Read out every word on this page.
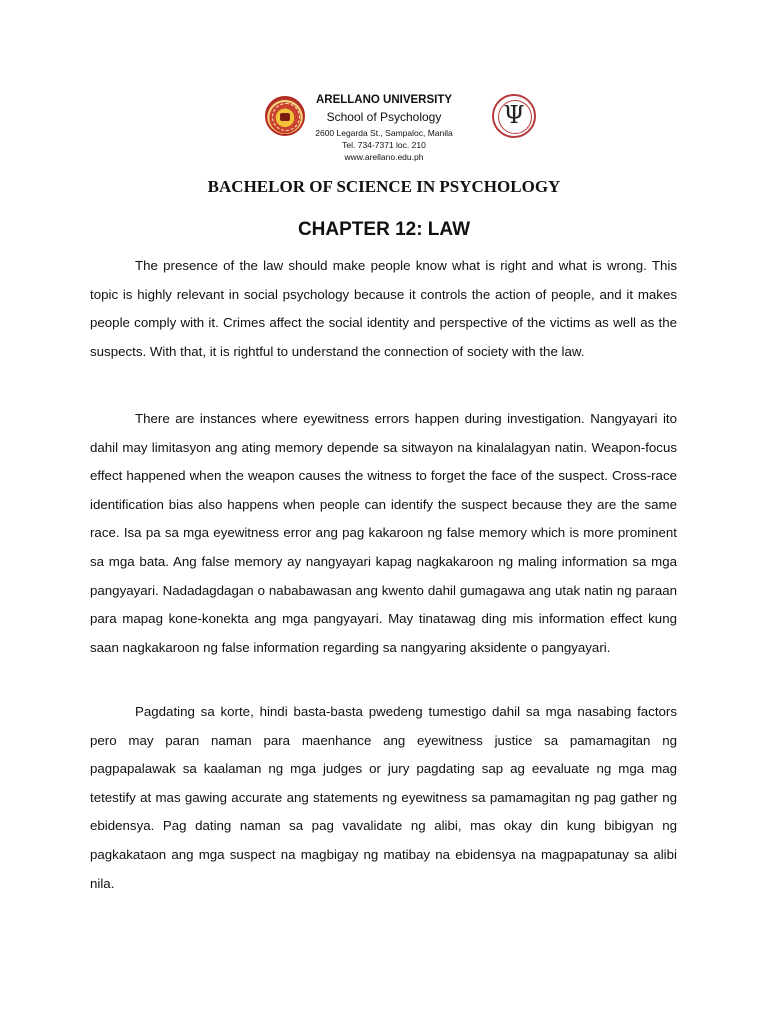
Ψ
ARELLANO UNIVERSITY
School of Psychology
2600 Legarda St., Sampaloc, Manila
Tel. 734-7371 loc. 210
www.arellano.edu.ph
BACHELOR OF SCIENCE IN PSYCHOLOGY
CHAPTER 12: LAW

The presence of the law should make people know what is right and what is wrong. This topic is highly relevant in social psychology because it controls the action of people, and it makes people comply with it. Crimes affect the social identity and perspective of the victims as well as the suspects. With that, it is rightful to understand the connection of society with the law.

There are instances where eyewitness errors happen during investigation. Nangyayari ito dahil may limitasyon ang ating memory depende sa sitwayon na kinalalagyan natin. Weapon-focus effect happened when the weapon causes the witness to forget the face of the suspect. Cross-race identification bias also happens when people can identify the suspect because they are the same race. Isa pa sa mga eyewitness error ang pag kakaroon ng false memory which is more prominent sa mga bata. Ang false memory ay nangyayari kapag nagkakaroon ng maling information sa mga pangyayari. Nadadagdagan o nababawasan ang kwento dahil gumagawa ang utak natin ng paraan para mapag kone-konekta ang mga pangyayari. May tinatawag ding mis information effect kung saan nagkakaroon ng false information regarding sa nangyaring aksidente o pangyayari.

Pagdating sa korte, hindi basta-basta pwedeng tumestigo dahil sa mga nasabing factors pero may paran naman para maenhance ang eyewitness justice sa pamamagitan ng pagpapalawak sa kaalaman ng mga judges or jury pagdating sap ag eevaluate ng mga mag tetestify at mas gawing accurate ang statements ng eyewitness sa pamamagitan ng pag gather ng ebidensya. Pag dating naman sa pag vavalidate ng alibi, mas okay din kung bibigyan ng pagkakataon ang mga suspect na magbigay ng matibay na ebidensya na magpapatunay sa alibi nila.
